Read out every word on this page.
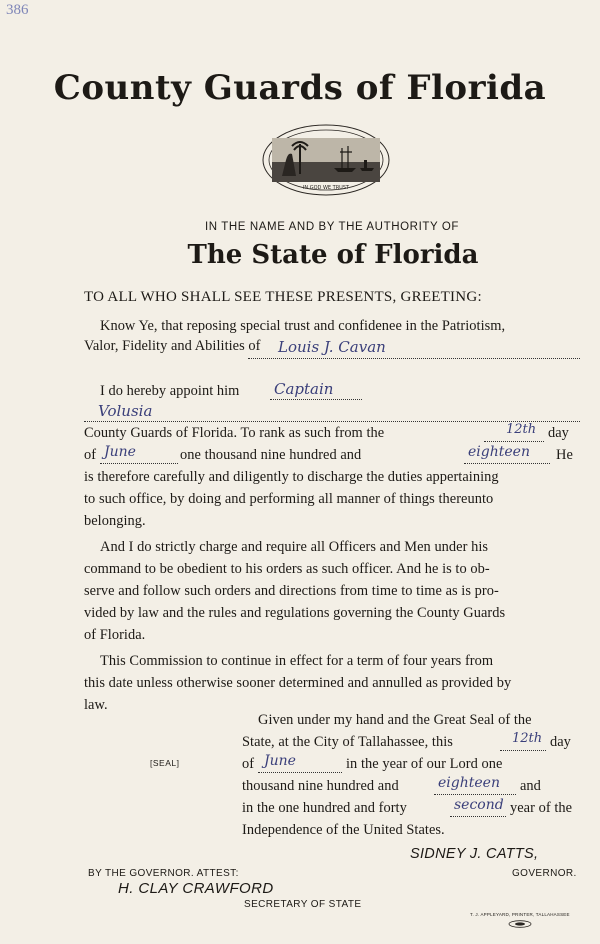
386
County Guards of Florida
IN GOD WE TRUST
IN THE NAME AND BY THE AUTHORITY OF
The State of Florida
TO ALL WHO SHALL SEE THESE PRESENTS, GREETING:
Know Ye, that reposing special trust and confidenee in the Patriotism,
Valor, Fidelity and Abilities of Louis J. Cavan
I do hereby appoint him Captain
Volusia
County Guards of Florida. To rank as such from the	12th day
of June	one thousand nine hundred and	eighteen He
is therefore carefully and diligently to discharge the duties appertaining
to such office, by doing and performing all manner of things thereunto
belonging.
And I do strictly charge and require all Officers and Men under his
command to be obedient to his orders as such officer. And he is to ob-
serve and follow such orders and directions from time to time as is pro-
vided by law and the rules and regulations governing the County Guards
of Florida.
This Commission to continue in effect for a term of four years from
this date unless otherwise sooner determined and annulled as provided by
law.
Given under my hand and the Great Seal of the
State, at the City of Tallahassee, this	12th day
[SEAL]	of June	in the year of our Lord one
thousand nine hundred and	eighteen and
in the one hundred and forty	second year of the
Independence of the United States.
SIDNEY J. CATTS,
GOVERNOR.
BY THE GOVERNOR. ATTEST:
H. CLAY CRAWFORD
SECRETARY OF STATE
T. J. APPLEYARD, PRINTER, TALLAHASSEE
